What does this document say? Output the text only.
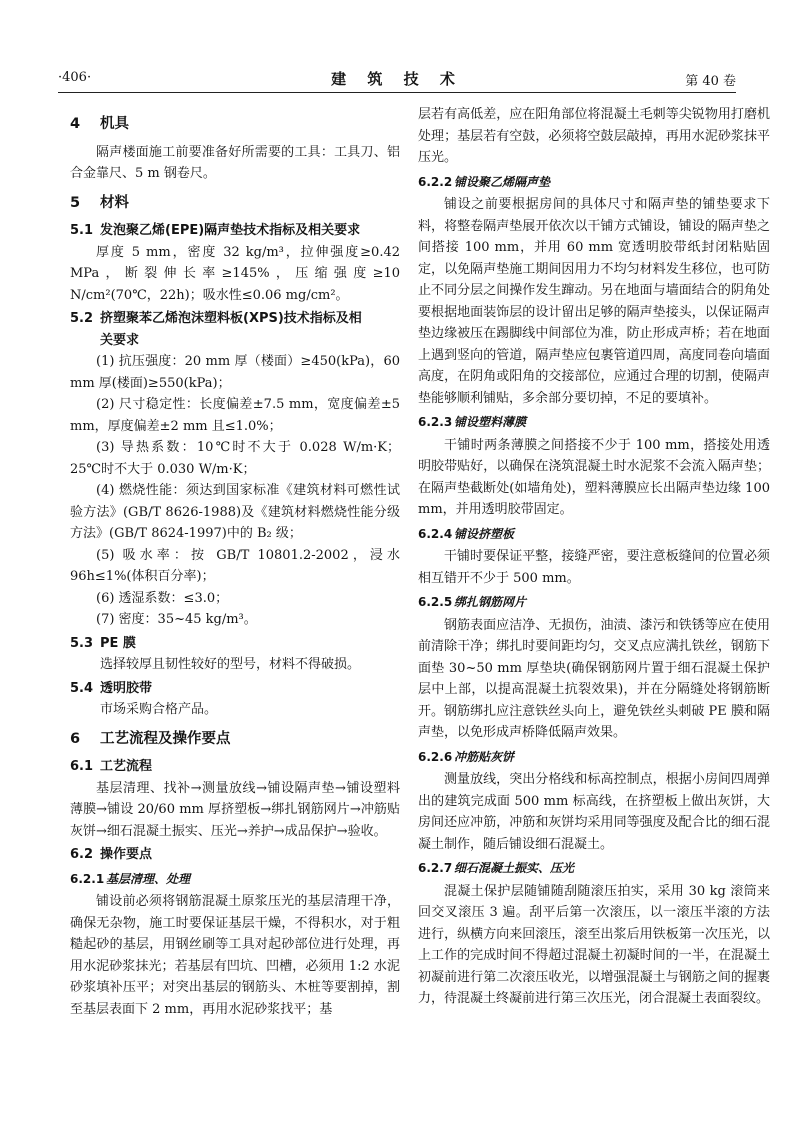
·406·	建 筑 技 术	第 40 卷
4 机具

隔声楼面施工前要准备好所需要的工具：工具刀、铝合金靠尺、5 m 钢卷尺。

5 材料
5.1 发泡聚乙烯(EPE)隔声垫技术指标及相关要求

厚度 5 mm，密度 32 kg/m³，拉伸强度≥0.42 MPa，断裂伸长率≥145%，压缩强度≥10 N/cm²(70℃，22h)；吸水性≤0.06 mg/cm²。

5.2 挤塑聚苯乙烯泡沫塑料板(XPS)技术指标及相
关要求

(1) 抗压强度：20 mm 厚（楼面）≥450(kPa)，60 mm 厚(楼面)≥550(kPa)；

(2) 尺寸稳定性：长度偏差±7.5 mm，宽度偏差±5 mm，厚度偏差±2 mm 且≤1.0%；

(3) 导热系数：10℃时不大于 0.028 W/m·K；25℃时不大于 0.030 W/m·K；

(4) 燃烧性能：须达到国家标准《建筑材料可燃性试验方法》(GB/T 8626-1988)及《建筑材料燃烧性能分级方法》(GB/T 8624-1997)中的 B₂ 级；

(5) 吸水率：按 GB/T 10801.2-2002，浸水 96h≤1%(体积百分率)；

(6) 透湿系数：≤3.0；

(7) 密度：35~45 kg/m³。

5.3 PE 膜

选择较厚且韧性较好的型号，材料不得破损。

5.4 透明胶带

市场采购合格产品。

6 工艺流程及操作要点
6.1 工艺流程

基层清理、找补→测量放线→铺设隔声垫→铺设塑料薄膜→铺设 20/60 mm 厚挤塑板→绑扎钢筋网片→冲筋贴灰饼→细石混凝土振实、压光→养护→成品保护→验收。

6.2 操作要点
6.2.1 基层清理、处理

铺设前必须将钢筋混凝土原浆压光的基层清理干净，确保无杂物，施工时要保证基层干燥，不得积水，对于粗糙起砂的基层，用钢丝刷等工具对起砂部位进行处理，再用水泥砂浆抹光；若基层有凹坑、凹槽，必须用 1:2 水泥砂浆填补压平；对突出基层的钢筋头、木桩等要割掉，割至基层表面下 2 mm，再用水泥砂浆找平；基

层若有高低差，应在阳角部位将混凝土毛刺等尖锐物用打磨机处理；基层若有空鼓，必须将空鼓层敲掉，再用水泥砂浆抹平压光。

6.2.2 铺设聚乙烯隔声垫

铺设之前要根据房间的具体尺寸和隔声垫的铺垫要求下料，将整卷隔声垫展开依次以干铺方式铺设，铺设的隔声垫之间搭接 100 mm，并用 60 mm 宽透明胶带纸封闭粘贴固定，以免隔声垫施工期间因用力不均匀材料发生移位，也可防止不同分层之间操作发生蹿动。另在地面与墙面结合的阴角处要根据地面装饰层的设计留出足够的隔声垫接头，以保证隔声垫边缘被压在踢脚线中间部位为准，防止形成声桥；若在地面上遇到竖向的管道，隔声垫应包裹管道四周，高度同卷向墙面高度，在阴角或阳角的交接部位，应通过合理的切割，使隔声垫能够顺利铺贴，多余部分要切掉，不足的要填补。

6.2.3 铺设塑料薄膜

干铺时两条薄膜之间搭接不少于 100 mm，搭接处用透明胶带贴好，以确保在浇筑混凝土时水泥浆不会流入隔声垫；在隔声垫截断处(如墙角处)，塑料薄膜应长出隔声垫边缘 100 mm，并用透明胶带固定。

6.2.4 铺设挤塑板

干铺时要保证平整，接缝严密，要注意板缝间的位置必须相互错开不少于 500 mm。

6.2.5 绑扎钢筋网片

钢筋表面应洁净、无损伤，油渍、漆污和铁锈等应在使用前清除干净；绑扎时要间距均匀，交叉点应满扎铁丝，钢筋下面垫 30~50 mm 厚垫块(确保钢筋网片置于细石混凝土保护层中上部，以提高混凝土抗裂效果)，并在分隔缝处将钢筋断开。钢筋绑扎应注意铁丝头向上，避免铁丝头刺破 PE 膜和隔声垫，以免形成声桥降低隔声效果。

6.2.6 冲筋贴灰饼

测量放线，突出分格线和标高控制点，根据小房间四周弹出的建筑完成面 500 mm 标高线，在挤塑板上做出灰饼，大房间还应冲筋，冲筋和灰饼均采用同等强度及配合比的细石混凝土制作，随后铺设细石混凝土。

6.2.7 细石混凝土振实、压光

混凝土保护层随铺随刮随滚压拍实，采用 30 kg 滚筒来回交叉滚压 3 遍。刮平后第一次滚压，以一滚压半滚的方法进行，纵横方向来回滚压，滚至出浆后用铁板第一次压光，以上工作的完成时间不得超过混凝土初凝时间的一半，在混凝土初凝前进行第二次滚压收光，以增强混凝土与钢筋之间的握裹力，待混凝土终凝前进行第三次压光，闭合混凝土表面裂纹。
